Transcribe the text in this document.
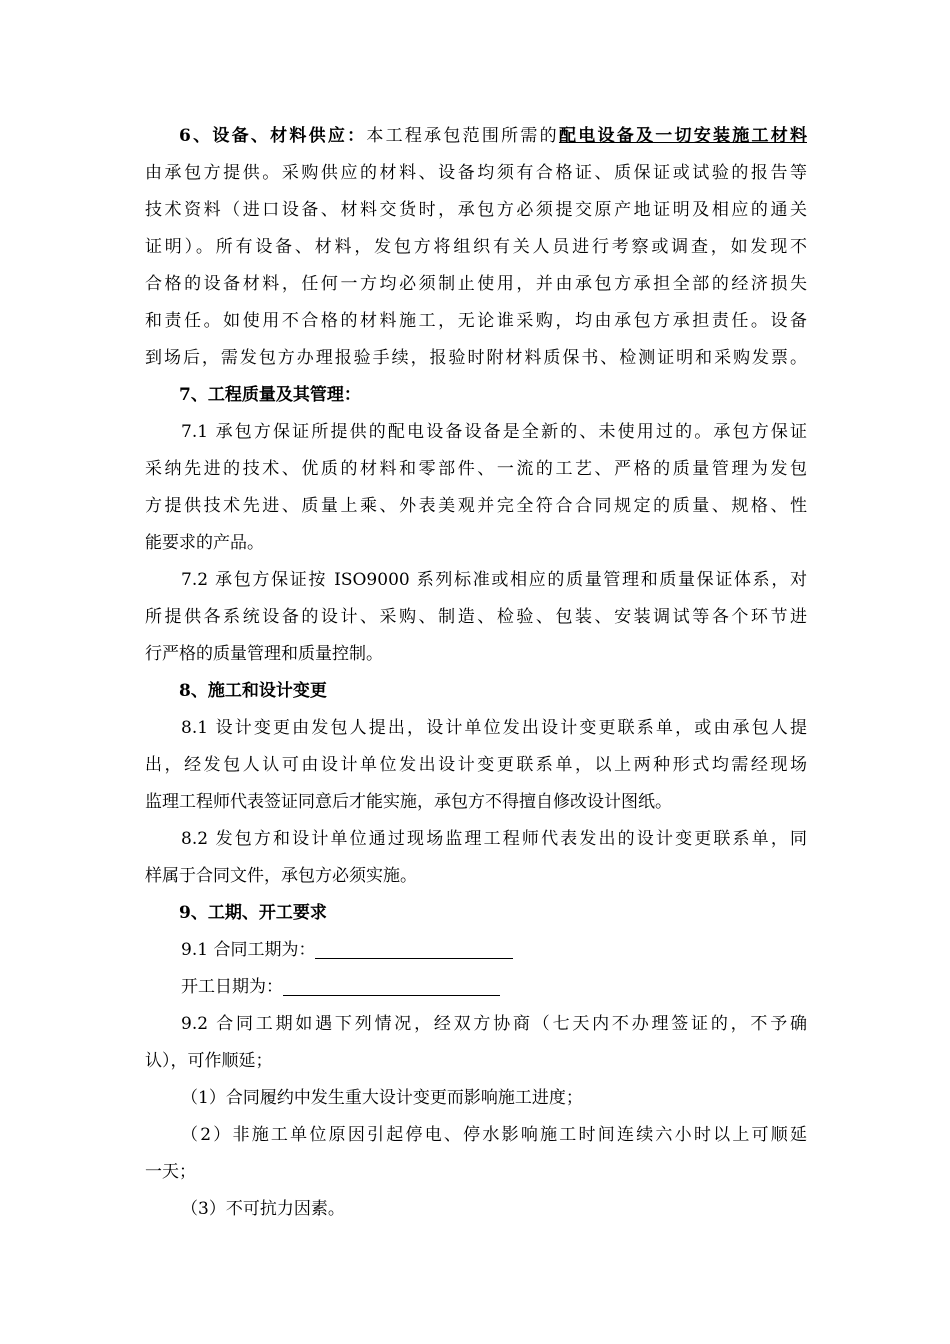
6、设备、材料供应：本工程承包范围所需的配电设备及一切安装施工材料
由承包方提供。采购供应的材料、设备均须有合格证、质保证或试验的报告等
技术资料（进口设备、材料交货时，承包方必须提交原产地证明及相应的通关
证明）。所有设备、材料，发包方将组织有关人员进行考察或调查，如发现不
合格的设备材料，任何一方均必须制止使用，并由承包方承担全部的经济损失
和责任。如使用不合格的材料施工，无论谁采购，均由承包方承担责任。设备
到场后，需发包方办理报验手续，报验时附材料质保书、检测证明和采购发票。
7、工程质量及其管理：
7.1 承包方保证所提供的配电设备设备是全新的、未使用过的。承包方保证
采纳先进的技术、优质的材料和零部件、一流的工艺、严格的质量管理为发包
方提供技术先进、质量上乘、外表美观并完全符合合同规定的质量、规格、性
能要求的产品。
7.2 承包方保证按 ISO9000 系列标准或相应的质量管理和质量保证体系，对
所提供各系统设备的设计、采购、制造、检验、包装、安装调试等各个环节进
行严格的质量管理和质量控制。
8、施工和设计变更
8.1 设计变更由发包人提出，设计单位发出设计变更联系单，或由承包人提
出，经发包人认可由设计单位发出设计变更联系单，以上两种形式均需经现场
监理工程师代表签证同意后才能实施，承包方不得擅自修改设计图纸。
8.2 发包方和设计单位通过现场监理工程师代表发出的设计变更联系单，同
样属于合同文件，承包方必须实施。
9、工期、开工要求
9.1 合同工期为：
开工日期为：
9.2 合同工期如遇下列情况，经双方协商（七天内不办理签证的，不予确
认），可作顺延；
（1）合同履约中发生重大设计变更而影响施工进度；
（2）非施工单位原因引起停电、停水影响施工时间连续六小时以上可顺延
一天；
（3）不可抗力因素。
